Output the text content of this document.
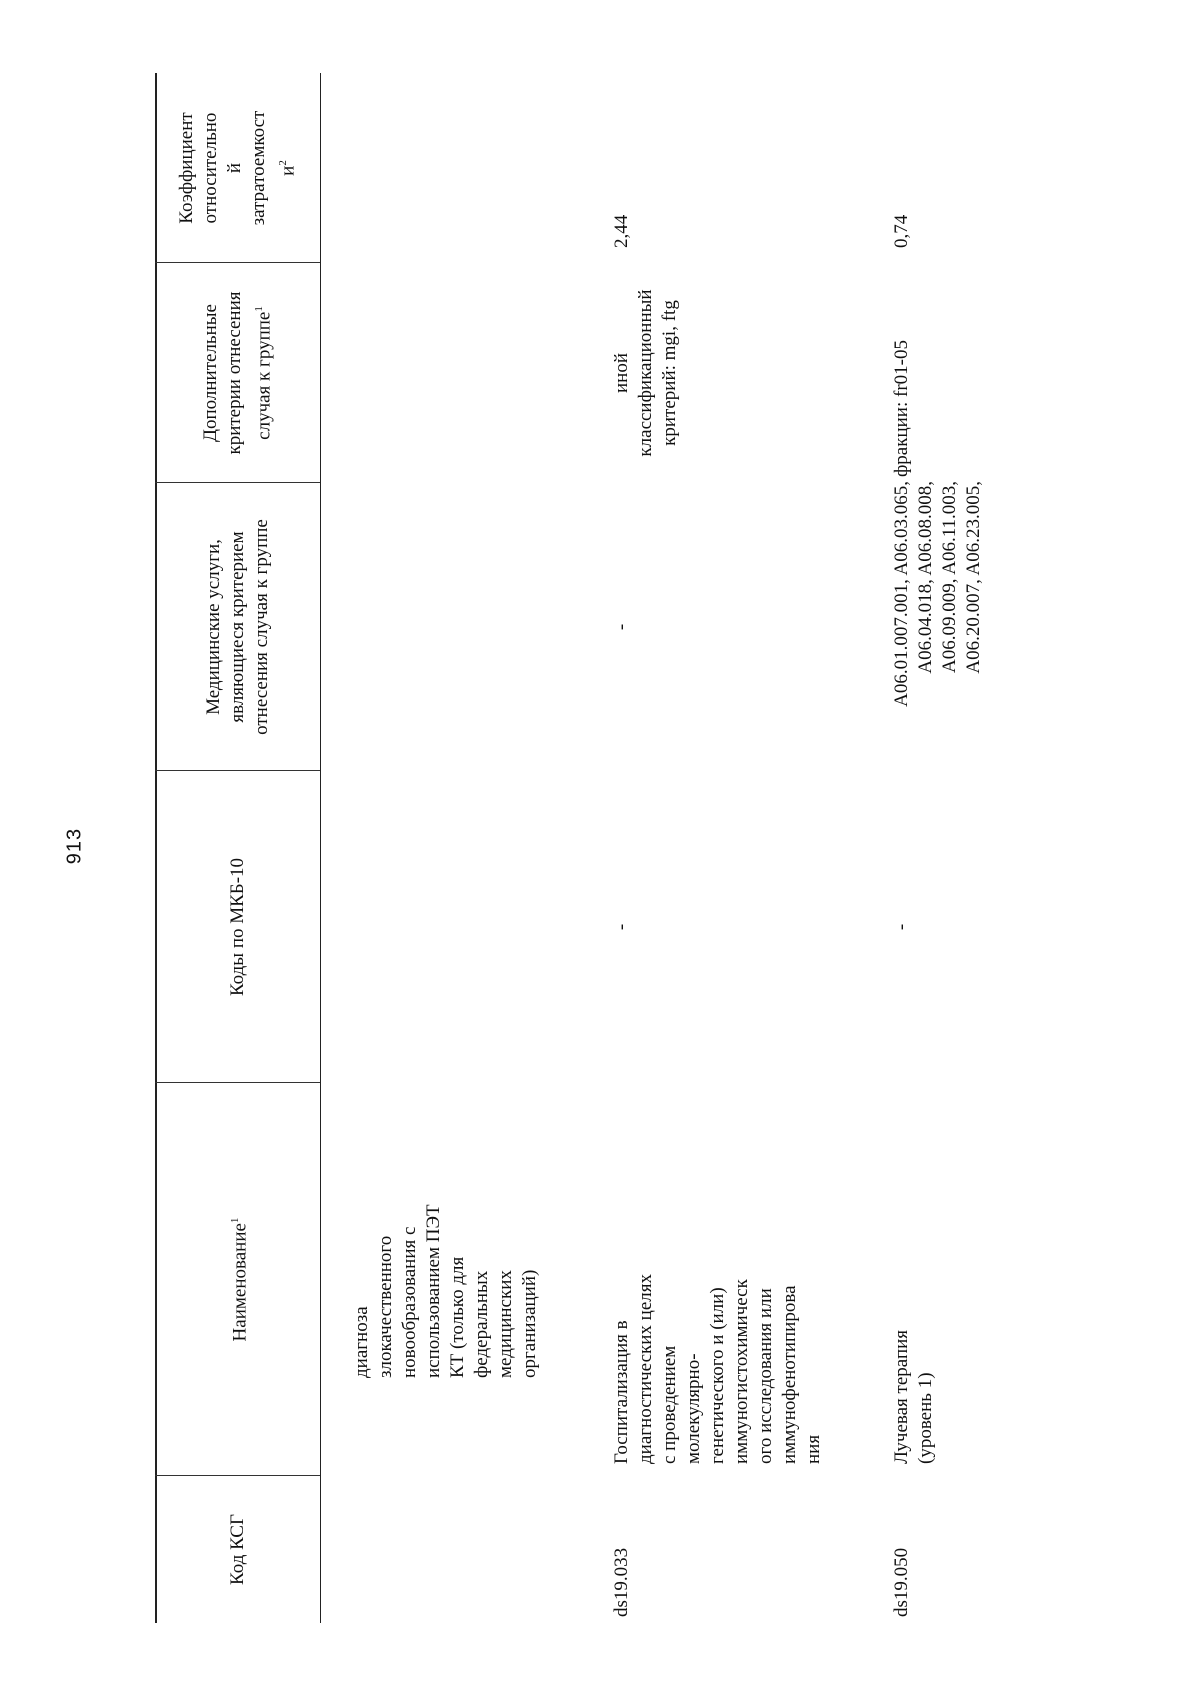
913
Код КСГ
Наименование$^1$
Коды по МКБ-10
Медицинские услуги, являющиеся критерием отнесения случая к группе
Дополнительные критерии отнесения случая к группе$^1$
Коэффициент относительно й затратоемкост $и^2$
диагноза злокачественного новообразования с использованием ПЭТ КТ (только для федеральных медицинских организаций)
ds19.033
Госпитализация в диагностических целях с проведением молекулярно- генетического и (или) иммуногистохимическ ого исследования или иммунофенотипирова ния
-
-
иной классификационный критерий: mgi, ftg
2,44
ds19.050
Лучевая терапия (уровень 1)
-
A06.01.007.001, A06.03.065, A06.04.018, A06.08.008, A06.09.009, A06.11.003, A06.20.007, A06.23.005,
фракции: fr01-05
0,74
